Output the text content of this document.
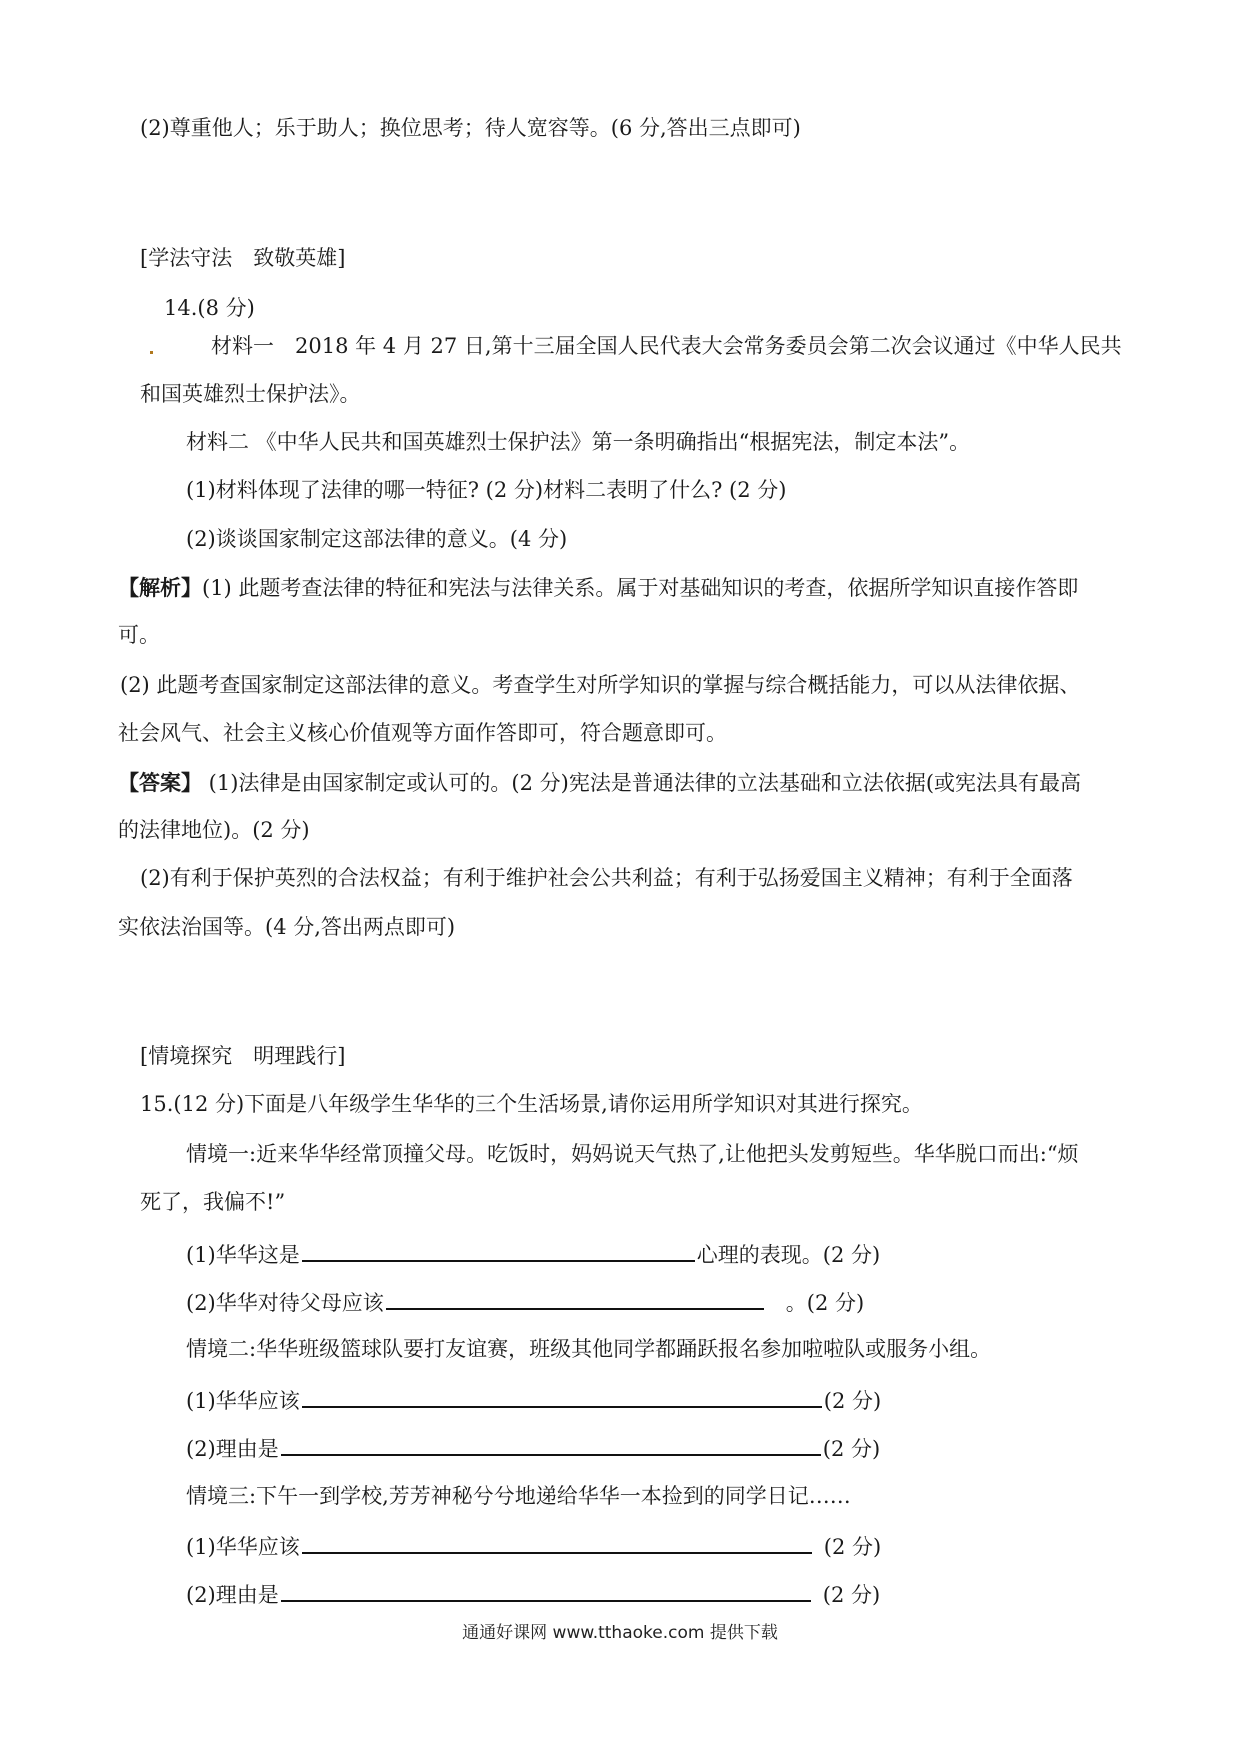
(2)尊重他人；乐于助人；换位思考；待人宽容等。(6 分,答出三点即可)

[学法守法　致敬英雄]

14.(8 分)

材料一　2018 年 4 月 27 日,第十三届全国人民代表大会常务委员会第二次会议通过《中华人民共

和国英雄烈士保护法》。

材料二 《中华人民共和国英雄烈士保护法》第一条明确指出“根据宪法，制定本法”。

(1)材料体现了法律的哪一特征? (2 分)材料二表明了什么? (2 分)

(2)谈谈国家制定这部法律的意义。(4 分)

【解析】(1) 此题考查法律的特征和宪法与法律关系。属于对基础知识的考查，依据所学知识直接作答即

可。

(2) 此题考查国家制定这部法律的意义。考查学生对所学知识的掌握与综合概括能力，可以从法律依据、

社会风气、社会主义核心价值观等方面作答即可，符合题意即可。

【答案】 (1)法律是由国家制定或认可的。(2 分)宪法是普通法律的立法基础和立法依据(或宪法具有最高

的法律地位)。(2 分)

(2)有利于保护英烈的合法权益；有利于维护社会公共利益；有利于弘扬爱国主义精神；有利于全面落

实依法治国等。(4 分,答出两点即可)

[情境探究　明理践行]

15.(12 分)下面是八年级学生华华的三个生活场景,请你运用所学知识对其进行探究。

情境一:近来华华经常顶撞父母。吃饭时，妈妈说天气热了,让他把头发剪短些。华华脱口而出:“烦

死了，我偏不!”

(1)华华这是	心理的表现。(2 分)

(2)华华对待父母应该	。(2 分)

情境二:华华班级篮球队要打友谊赛，班级其他同学都踊跃报名参加啦啦队或服务小组。

(1)华华应该	(2 分)

(2)理由是	(2 分)

情境三:下午一到学校,芳芳神秘兮兮地递给华华一本捡到的同学日记……

(1)华华应该	(2 分)

(2)理由是	(2 分)

通通好课网 www.tthaoke.com 提供下载
